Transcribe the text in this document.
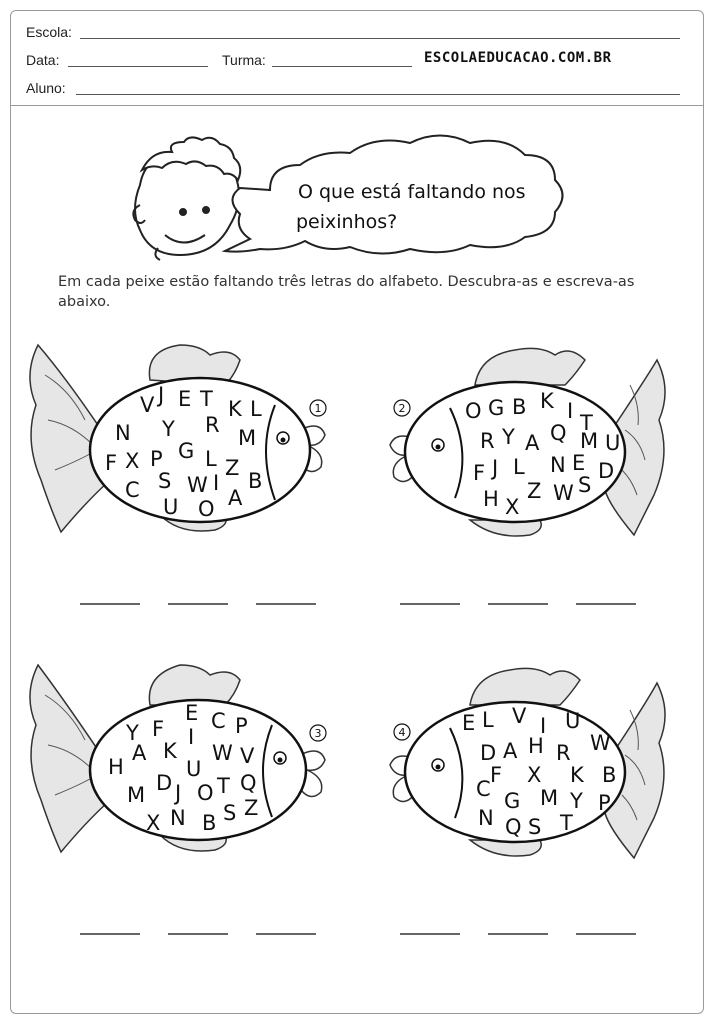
Escola:
Data:	Turma:	ESCOLAEDUCACAO.COM.BR
Aluno:
O que está faltando nos
peixinhos?
1
V J E T K L
N Y R
M
G
F X P L Z
C S W I B
U O A
2	O G B K I T
R Y A Q M U
F J L N E D
H X
Z W S
3
Y F
E C P
I
A K W V
H	U
D T
M J O Q
X N B S Z
4	E L V I U
D A H R W
F X K B
C G M Y P
N Q S T
Em cada peixe estão faltando três letras do alfabeto. Descubra-as e escreva-as abaixo.
